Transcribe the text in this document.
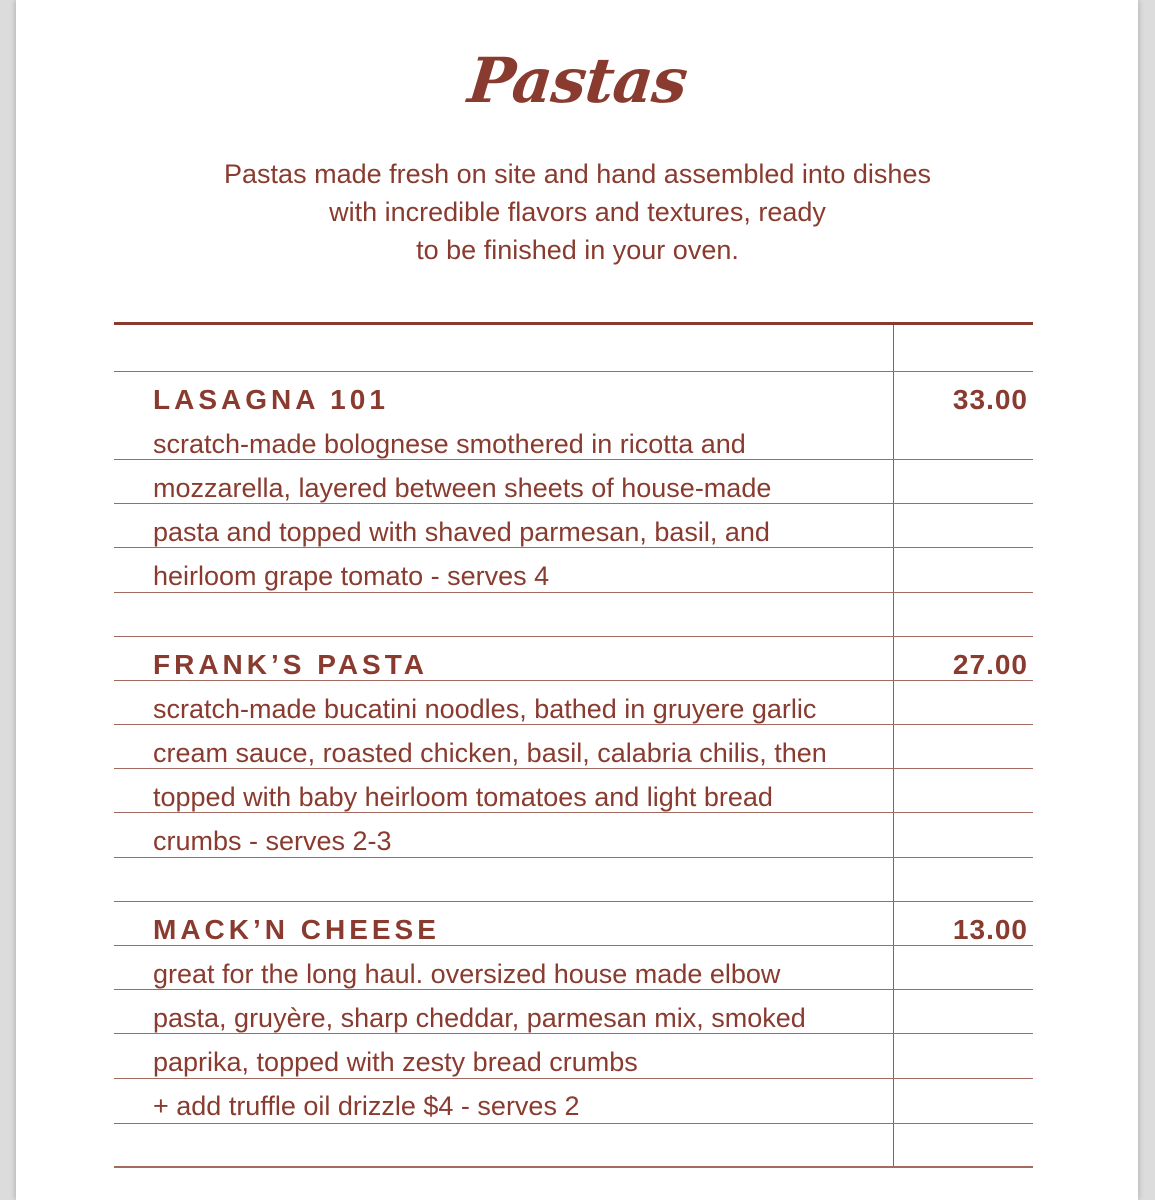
Pastas
Pastas made fresh on site and hand assembled into dishes
with incredible flavors and textures, ready
to be finished in your oven.
LASAGNA 101	33.00
scratch-made bolognese smothered in ricotta and
mozzarella, layered between sheets of house-made
pasta and topped with shaved parmesan, basil, and
heirloom grape tomato - serves 4
FRANK’S PASTA	27.00
scratch-made bucatini noodles, bathed in gruyere garlic
cream sauce, roasted chicken, basil, calabria chilis, then
topped with baby heirloom tomatoes and light bread
crumbs - serves 2-3
MACK’N CHEESE	13.00
great for the long haul. oversized house made elbow
pasta, gruyère, sharp cheddar, parmesan mix, smoked
paprika, topped with zesty bread crumbs
+ add truffle oil drizzle $4 - serves 2
